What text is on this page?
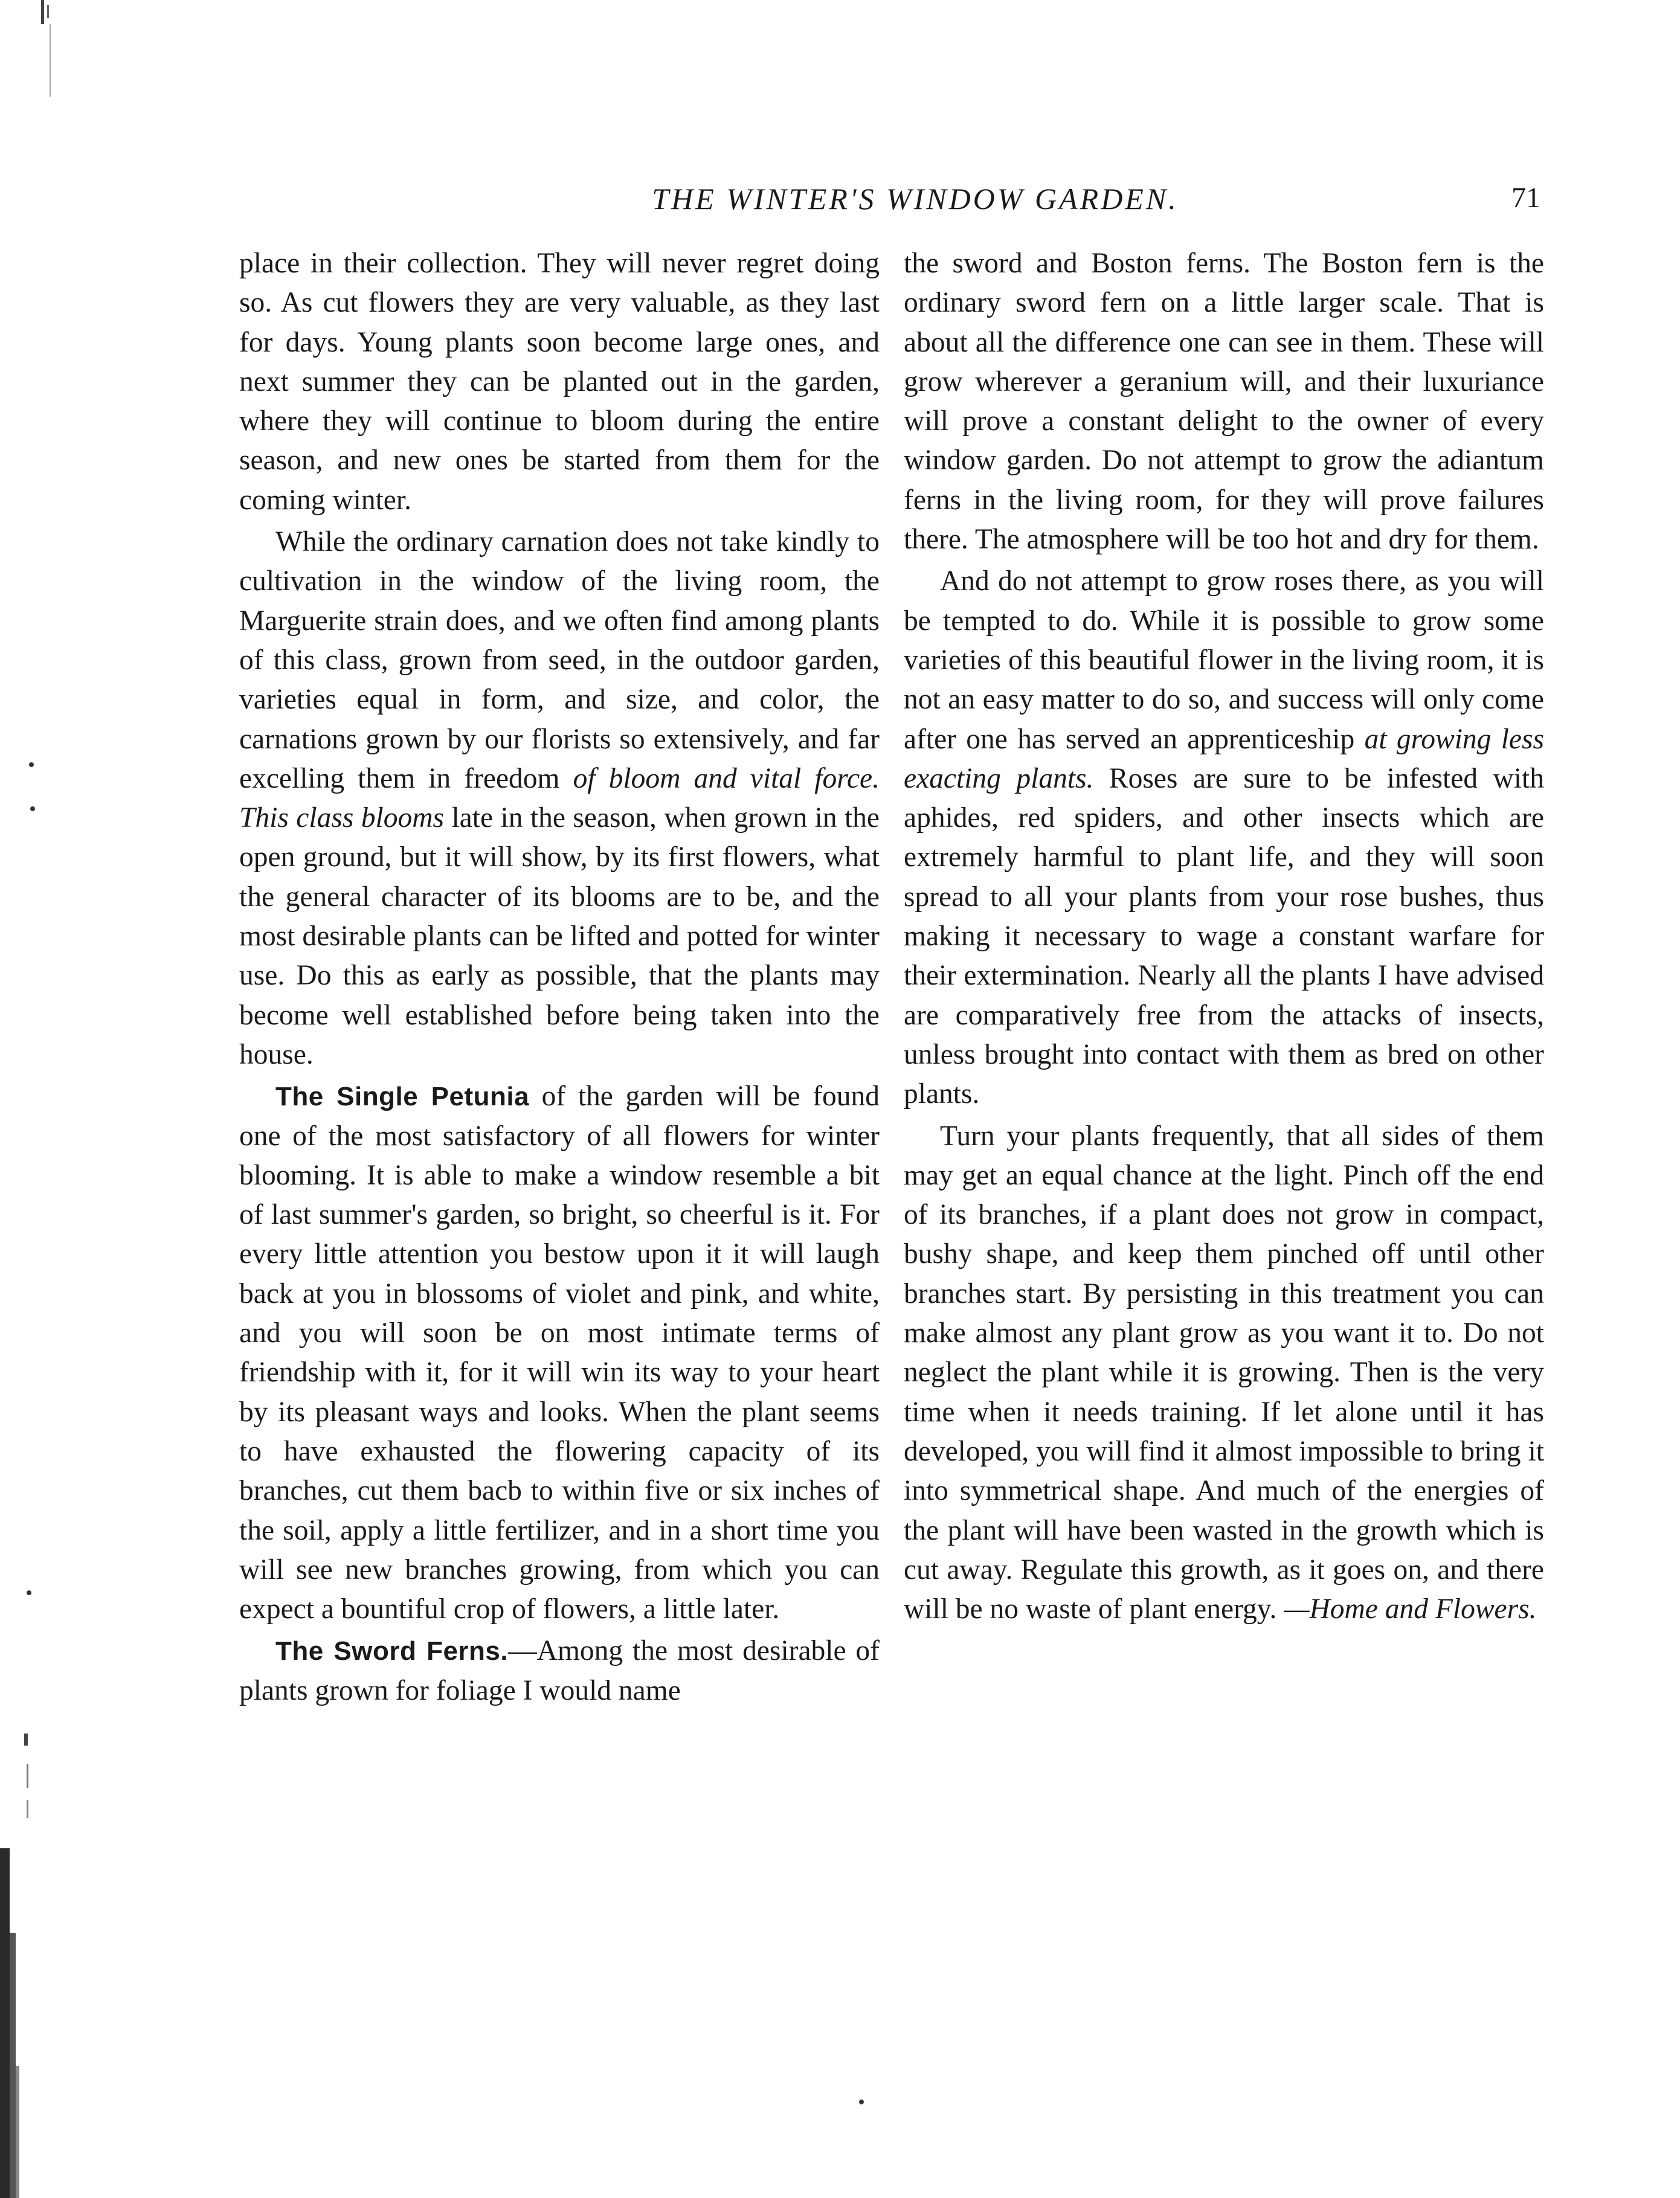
THE WINTER'S WINDOW GARDEN.	71

place in their collection. They will never regret doing so. As cut flowers they are very valuable, as they last for days. Young plants soon become large ones, and next summer they can be planted out in the garden, where they will continue to bloom during the entire season, and new ones be started from them for the coming winter.

While the ordinary carnation does not take kindly to cultivation in the window of the living room, the Marguerite strain does, and we often find among plants of this class, grown from seed, in the outdoor garden, varieties equal in form, and size, and color, the carnations grown by our florists so extensively, and far excelling them in freedom of bloom and vital force. This class blooms late in the season, when grown in the open ground, but it will show, by its first flowers, what the general character of its blooms are to be, and the most desirable plants can be lifted and potted for winter use. Do this as early as possible, that the plants may become well established before being taken into the house.

The Single Petunia of the garden will be found one of the most satisfactory of all flowers for winter blooming. It is able to make a window resemble a bit of last summer's garden, so bright, so cheerful is it. For every little attention you bestow upon it it will laugh back at you in blossoms of violet and pink, and white, and you will soon be on most intimate terms of friendship with it, for it will win its way to your heart by its pleasant ways and looks. When the plant seems to have exhausted the flowering capacity of its branches, cut them bacb to within five or six inches of the soil, apply a little fertilizer, and in a short time you will see new branches growing, from which you can expect a bountiful crop of flowers, a little later.

The Sword Ferns.—Among the most desirable of plants grown for foliage I would name

the sword and Boston ferns. The Boston fern is the ordinary sword fern on a little larger scale. That is about all the difference one can see in them. These will grow wherever a geranium will, and their luxuriance will prove a constant delight to the owner of every window garden. Do not attempt to grow the adiantum ferns in the living room, for they will prove failures there. The atmosphere will be too hot and dry for them.

And do not attempt to grow roses there, as you will be tempted to do. While it is possible to grow some varieties of this beautiful flower in the living room, it is not an easy matter to do so, and success will only come after one has served an apprenticeship at growing less exacting plants. Roses are sure to be infested with aphides, red spiders, and other insects which are extremely harmful to plant life, and they will soon spread to all your plants from your rose bushes, thus making it necessary to wage a constant warfare for their extermination. Nearly all the plants I have advised are comparatively free from the attacks of insects, unless brought into contact with them as bred on other plants.

Turn your plants frequently, that all sides of them may get an equal chance at the light. Pinch off the end of its branches, if a plant does not grow in compact, bushy shape, and keep them pinched off until other branches start. By persisting in this treatment you can make almost any plant grow as you want it to. Do not neglect the plant while it is growing. Then is the very time when it needs training. If let alone until it has developed, you will find it almost impossible to bring it into symmetrical shape. And much of the energies of the plant will have been wasted in the growth which is cut away. Regulate this growth, as it goes on, and there will be no waste of plant energy. —Home and Flowers.
